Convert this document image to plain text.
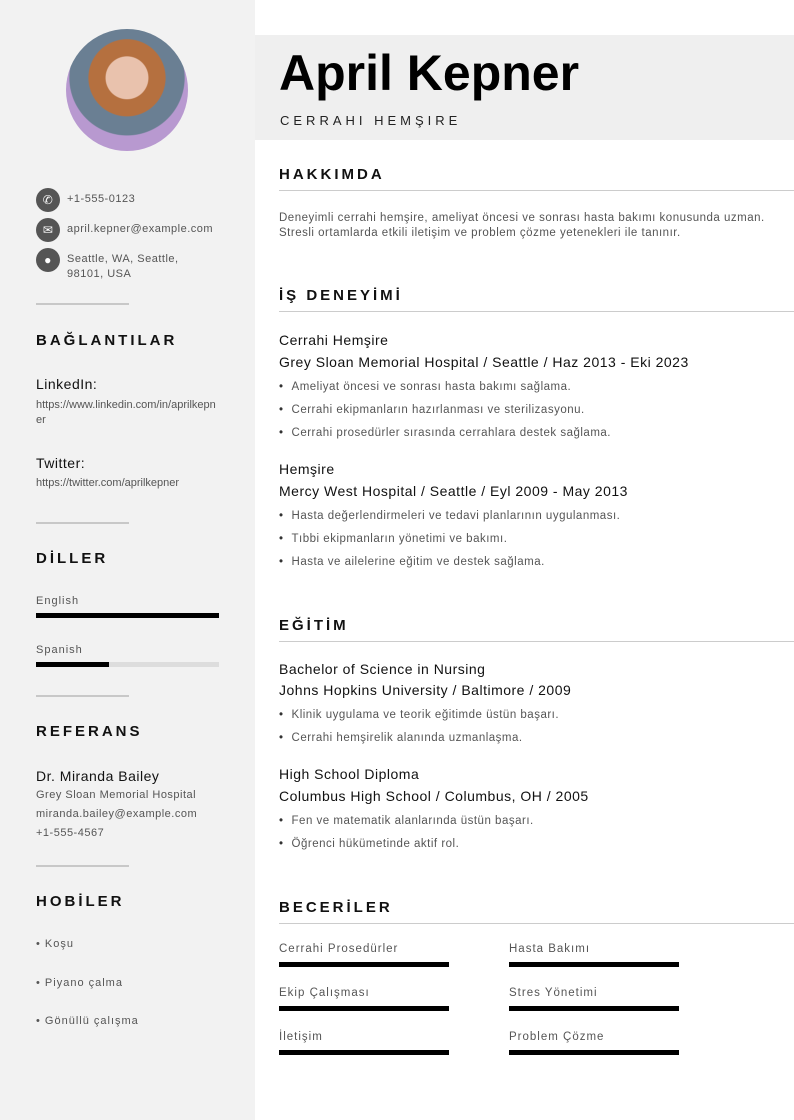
✆	+1-555-0123
✉	april.kepner@example.com
●	Seattle, WA, Seattle, 98101, USA
BAĞLANTILAR
LinkedIn:
https://www.linkedin.com/in/aprilkepner
Twitter:
https://twitter.com/aprilkepner
DİLLER
English
Spanish
REFERANS
Dr. Miranda Bailey
Grey Sloan Memorial Hospital
miranda.bailey@example.com
+1-555-4567
HOBİLER
• Koşu
• Piyano çalma
• Gönüllü çalışma
April Kepner
CERRAHI HEMŞIRE
HAKKIMDA
Deneyimli cerrahi hemşire, ameliyat öncesi ve sonrası hasta bakımı konusunda uzman. Stresli ortamlarda etkili iletişim ve problem çözme yetenekleri ile tanınır.
İŞ DENEYİMİ
Cerrahi Hemşire
Grey Sloan Memorial Hospital / Seattle / Haz 2013 - Eki 2023
• Ameliyat öncesi ve sonrası hasta bakımı sağlama.
• Cerrahi ekipmanların hazırlanması ve sterilizasyonu.
• Cerrahi prosedürler sırasında cerrahlara destek sağlama.
Hemşire
Mercy West Hospital / Seattle / Eyl 2009 - May 2013
• Hasta değerlendirmeleri ve tedavi planlarının uygulanması.
• Tıbbi ekipmanların yönetimi ve bakımı.
• Hasta ve ailelerine eğitim ve destek sağlama.
EĞİTİM
Bachelor of Science in Nursing
Johns Hopkins University / Baltimore / 2009
• Klinik uygulama ve teorik eğitimde üstün başarı.
• Cerrahi hemşirelik alanında uzmanlaşma.
High School Diploma
Columbus High School / Columbus, OH / 2005
• Fen ve matematik alanlarında üstün başarı.
• Öğrenci hükümetinde aktif rol.
BECERİLER
Cerrahi Prosedürler	Hasta Bakımı
Ekip Çalışması	Stres Yönetimi
İletişim	Problem Çözme
